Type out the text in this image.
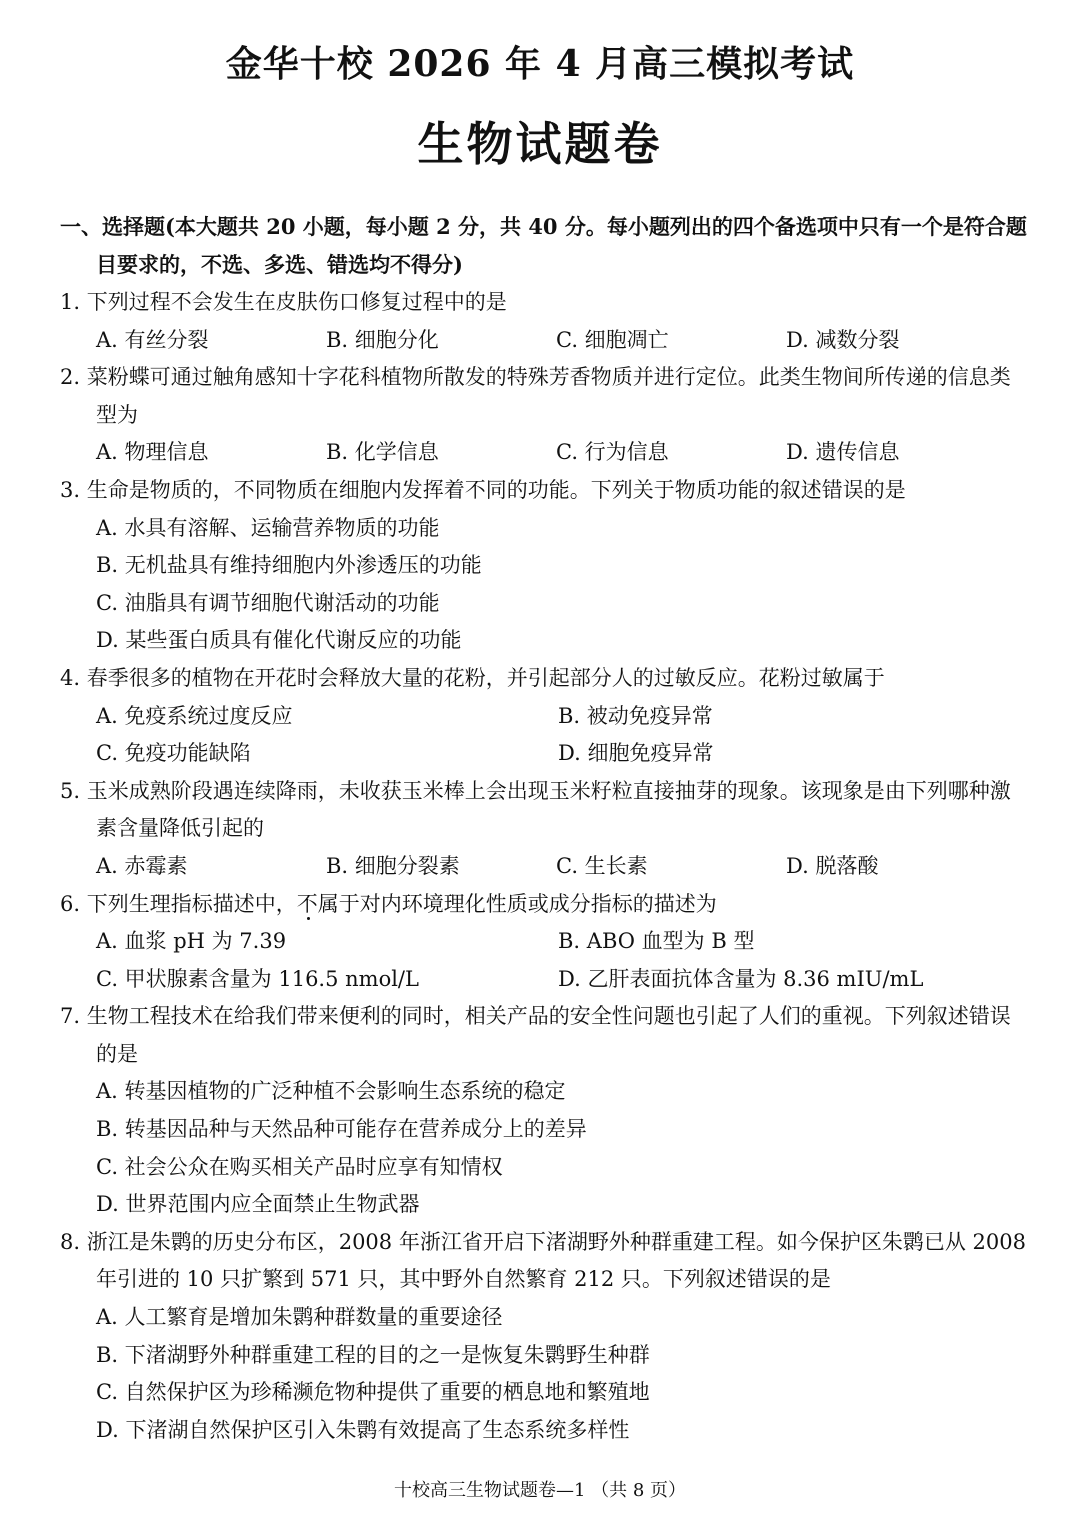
金华十校 2026 年 4 月高三模拟考试
生物试题卷
一、选择题(本大题共 20 小题，每小题 2 分，共 40 分。每小题列出的四个备选项中只有一个是符合题目要求的，不选、多选、错选均不得分)
1. 下列过程不会发生在皮肤伤口修复过程中的是
A. 有丝分裂	B. 细胞分化	C. 细胞凋亡	D. 减数分裂
2. 菜粉蝶可通过触角感知十字花科植物所散发的特殊芳香物质并进行定位。此类生物间所传递的信息类型为
A. 物理信息	B. 化学信息	C. 行为信息	D. 遗传信息
3. 生命是物质的，不同物质在细胞内发挥着不同的功能。下列关于物质功能的叙述错误的是
A. 水具有溶解、运输营养物质的功能
B. 无机盐具有维持细胞内外渗透压的功能
C. 油脂具有调节细胞代谢活动的功能
D. 某些蛋白质具有催化代谢反应的功能
4. 春季很多的植物在开花时会释放大量的花粉，并引起部分人的过敏反应。花粉过敏属于
A. 免疫系统过度反应	B. 被动免疫异常
C. 免疫功能缺陷	D. 细胞免疫异常
5. 玉米成熟阶段遇连续降雨，未收获玉米棒上会出现玉米籽粒直接抽芽的现象。该现象是由下列哪种激素含量降低引起的
A. 赤霉素	B. 细胞分裂素	C. 生长素	D. 脱落酸
6. 下列生理指标描述中，不属于对内环境理化性质或成分指标的描述为
A. 血浆 pH 为 7.39	B. ABO 血型为 B 型
C. 甲状腺素含量为 116.5 nmol/L	D. 乙肝表面抗体含量为 8.36 mIU/mL
7. 生物工程技术在给我们带来便利的同时，相关产品的安全性问题也引起了人们的重视。下列叙述错误的是
A. 转基因植物的广泛种植不会影响生态系统的稳定
B. 转基因品种与天然品种可能存在营养成分上的差异
C. 社会公众在购买相关产品时应享有知情权
D. 世界范围内应全面禁止生物武器
8. 浙江是朱鹮的历史分布区，2008 年浙江省开启下渚湖野外种群重建工程。如今保护区朱鹮已从 2008 年引进的 10 只扩繁到 571 只，其中野外自然繁育 212 只。下列叙述错误的是
A. 人工繁育是增加朱鹮种群数量的重要途径
B. 下渚湖野外种群重建工程的目的之一是恢复朱鹮野生种群
C. 自然保护区为珍稀濒危物种提供了重要的栖息地和繁殖地
D. 下渚湖自然保护区引入朱鹮有效提高了生态系统多样性
十校高三生物试题卷—1 （共 8 页）
